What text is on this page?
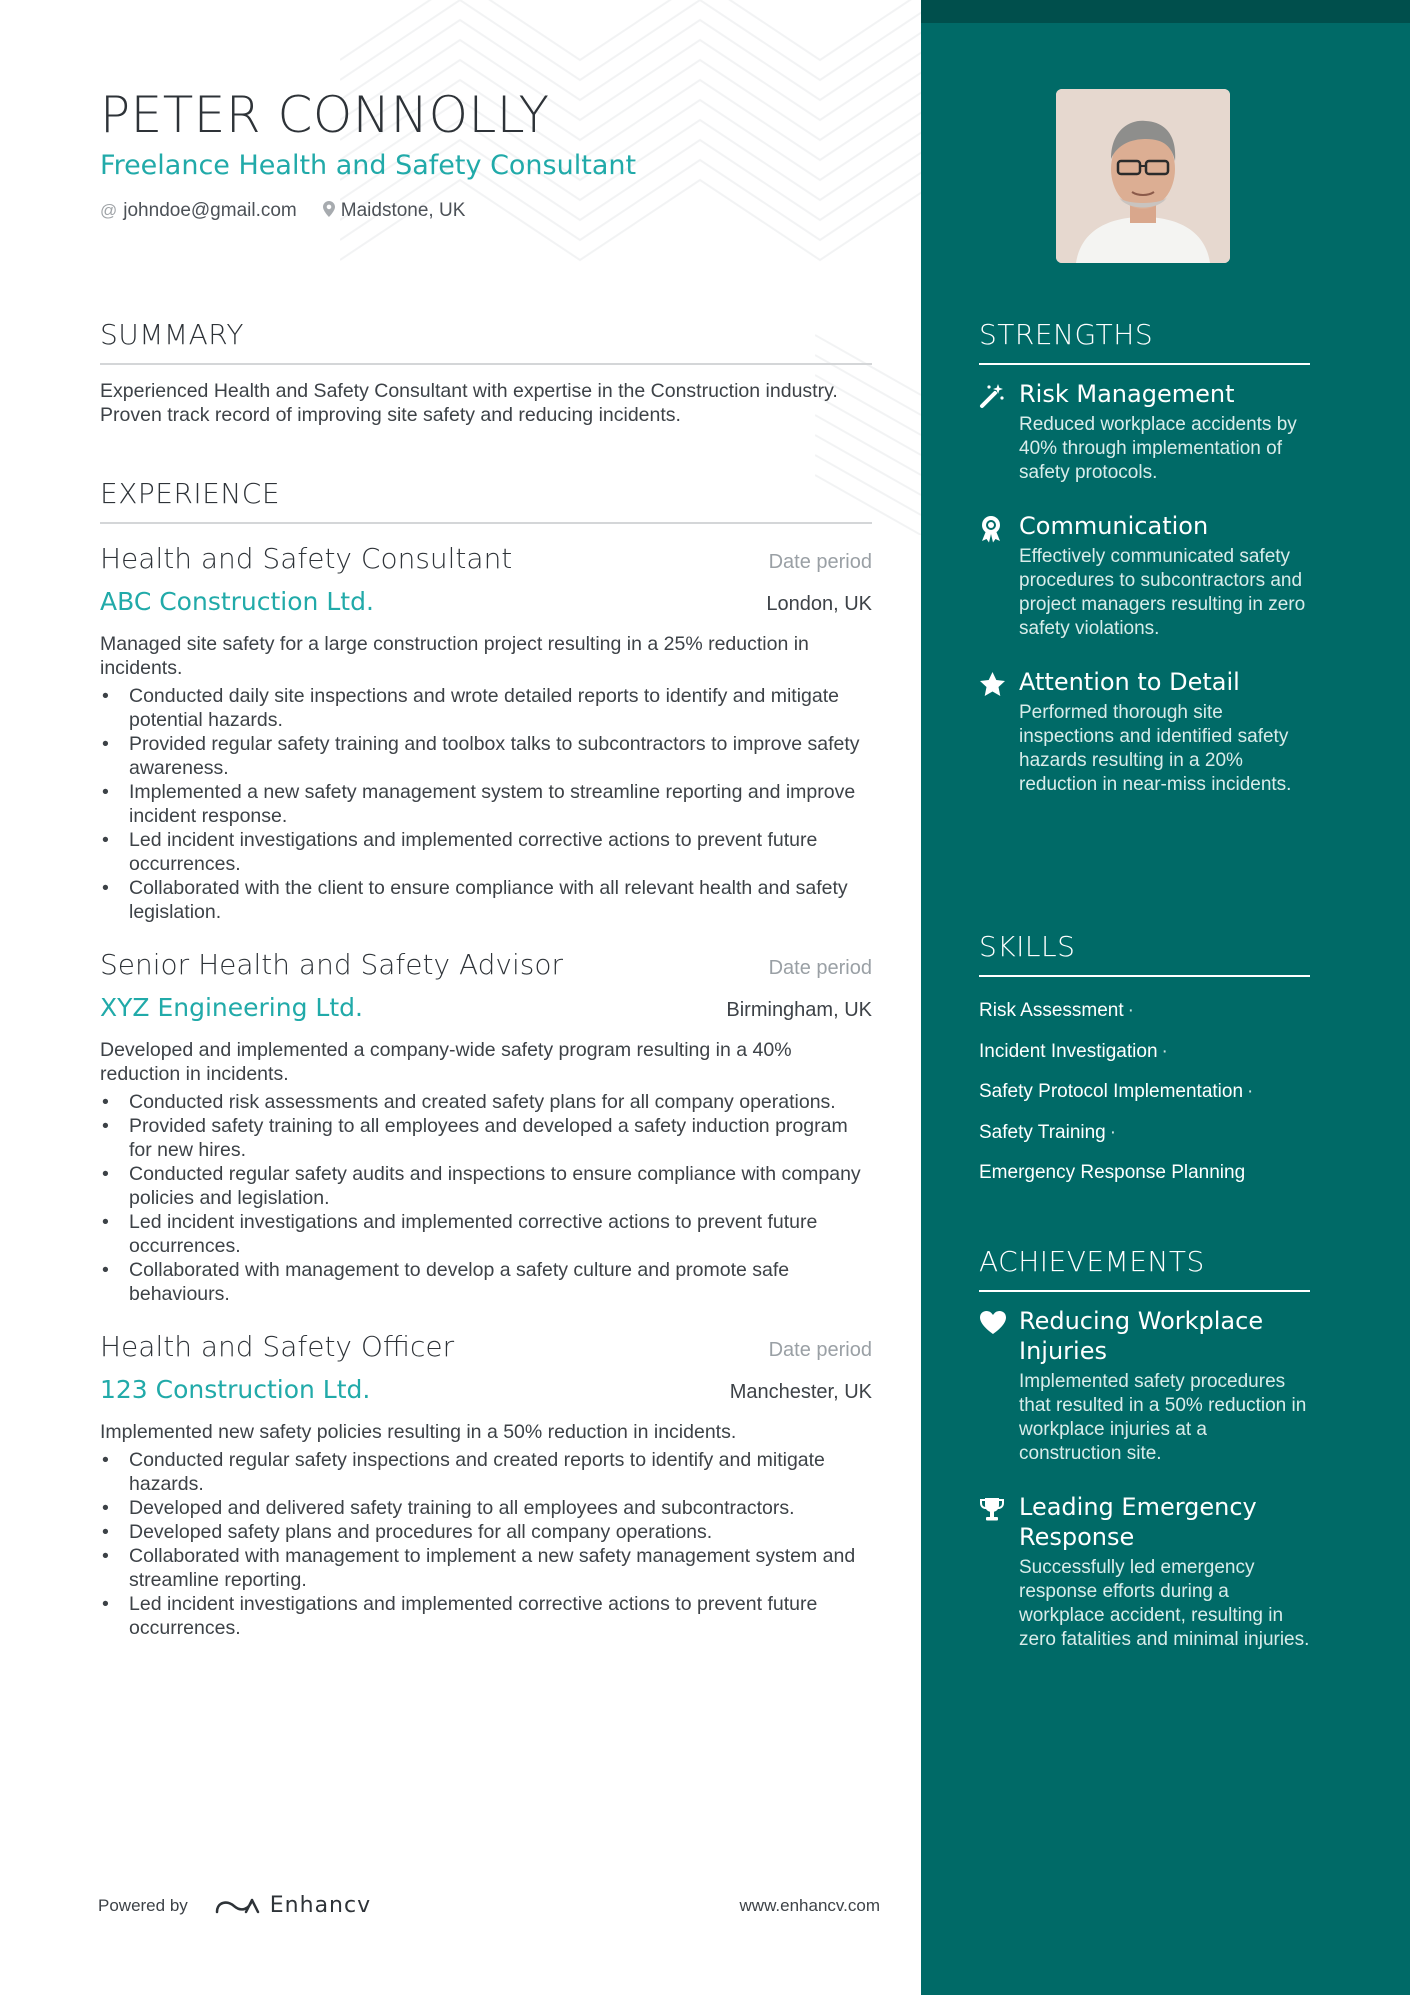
PETER CONNOLLY
Freelance Health and Safety Consultant
@ johndoe@gmail.com Maidstone, UK
SUMMARY
Experienced Health and Safety Consultant with expertise in the Construction industry. Proven track record of improving site safety and reducing incidents.
EXPERIENCE
Health and Safety Consultant	Date period
ABC Construction Ltd.	London, UK
Managed site safety for a large construction project resulting in a 25% reduction in incidents.
• Conducted daily site inspections and wrote detailed reports to identify and mitigate potential hazards.
• Provided regular safety training and toolbox talks to subcontractors to improve safety awareness.
• Implemented a new safety management system to streamline reporting and improve incident response.
• Led incident investigations and implemented corrective actions to prevent future occurrences.
• Collaborated with the client to ensure compliance with all relevant health and safety legislation.
Senior Health and Safety Advisor	Date period
XYZ Engineering Ltd.	Birmingham, UK
Developed and implemented a company-wide safety program resulting in a 40% reduction in incidents.
• Conducted risk assessments and created safety plans for all company operations.
• Provided safety training to all employees and developed a safety induction program for new hires.
• Conducted regular safety audits and inspections to ensure compliance with company policies and legislation.
• Led incident investigations and implemented corrective actions to prevent future occurrences.
• Collaborated with management to develop a safety culture and promote safe behaviours.
Health and Safety Officer	Date period
123 Construction Ltd.	Manchester, UK
Implemented new safety policies resulting in a 50% reduction in incidents.
• Conducted regular safety inspections and created reports to identify and mitigate hazards.
• Developed and delivered safety training to all employees and subcontractors.
• Developed safety plans and procedures for all company operations.
• Collaborated with management to implement a new safety management system and streamline reporting.
• Led incident investigations and implemented corrective actions to prevent future occurrences.
Powered by	Enhancv	www.enhancv.com
STRENGTHS
Risk Management
Reduced workplace accidents by 40% through implementation of safety protocols.
Communication
Effectively communicated safety procedures to subcontractors and project managers resulting in zero safety violations.
Attention to Detail
Performed thorough site inspections and identified safety hazards resulting in a 20% reduction in near-miss incidents.
SKILLS
Risk Assessment ·
Incident Investigation ·
Safety Protocol Implementation ·
Safety Training ·
Emergency Response Planning
ACHIEVEMENTS
Reducing Workplace Injuries
Implemented safety procedures that resulted in a 50% reduction in workplace injuries at a construction site.
Leading Emergency Response
Successfully led emergency response efforts during a workplace accident, resulting in zero fatalities and minimal injuries.
